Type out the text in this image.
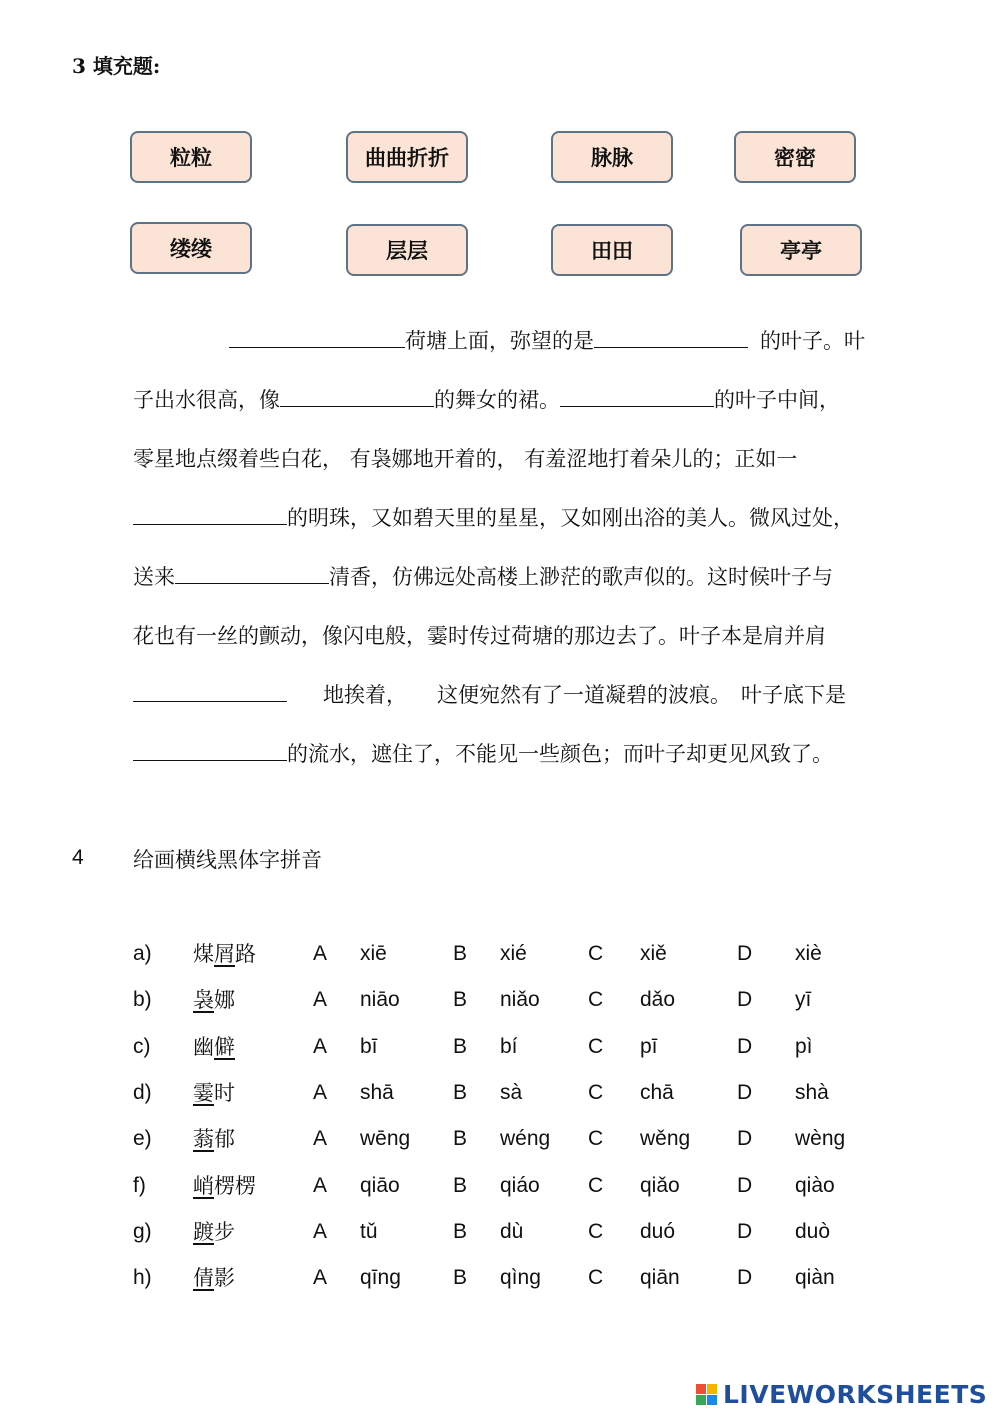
3 填充题:
粒粒	曲曲折折	脉脉	密密
缕缕	层层	田田	亭亭
荷塘上面，弥望的是	的叶子。叶
子出水很高，像	的舞女的裙。	的叶子中间，
零星地点缀着些白花， 有袅娜地开着的， 有羞涩地打着朵儿的；正如一
的明珠，又如碧天里的星星，又如刚出浴的美人。微风过处，
送来	清香，仿佛远处高楼上渺茫的歌声似的。这时候叶子与
花也有一丝的颤动，像闪电般，霎时传过荷塘的那边去了。叶子本是肩并肩
地挨着， 这便宛然有了一道凝碧的波痕。 叶子底下是
的流水，遮住了，不能见一些颜色；而叶子却更见风致了。
4 给画横线黑体字拼音
a) 煤屑路	A xiē	B xié	C xiě	D xiè
b) 袅娜	A niāo	B niǎo C dǎo	D yī
c) 幽僻	A bī	B bí	C pī	D pì
d) 霎时	A shā	B sà	C chā	D shà
e) 蓊郁	A wēng B wéng C wěng D wèng
f) 峭楞楞	A qiāo	B qiáo C qiǎo	D qiào
g) 踱步	A tǔ	B dù	C duó	D duò
h) 倩影	A qīng B qìng C qiān	D qiàn
LIVEWORKSHEETS
